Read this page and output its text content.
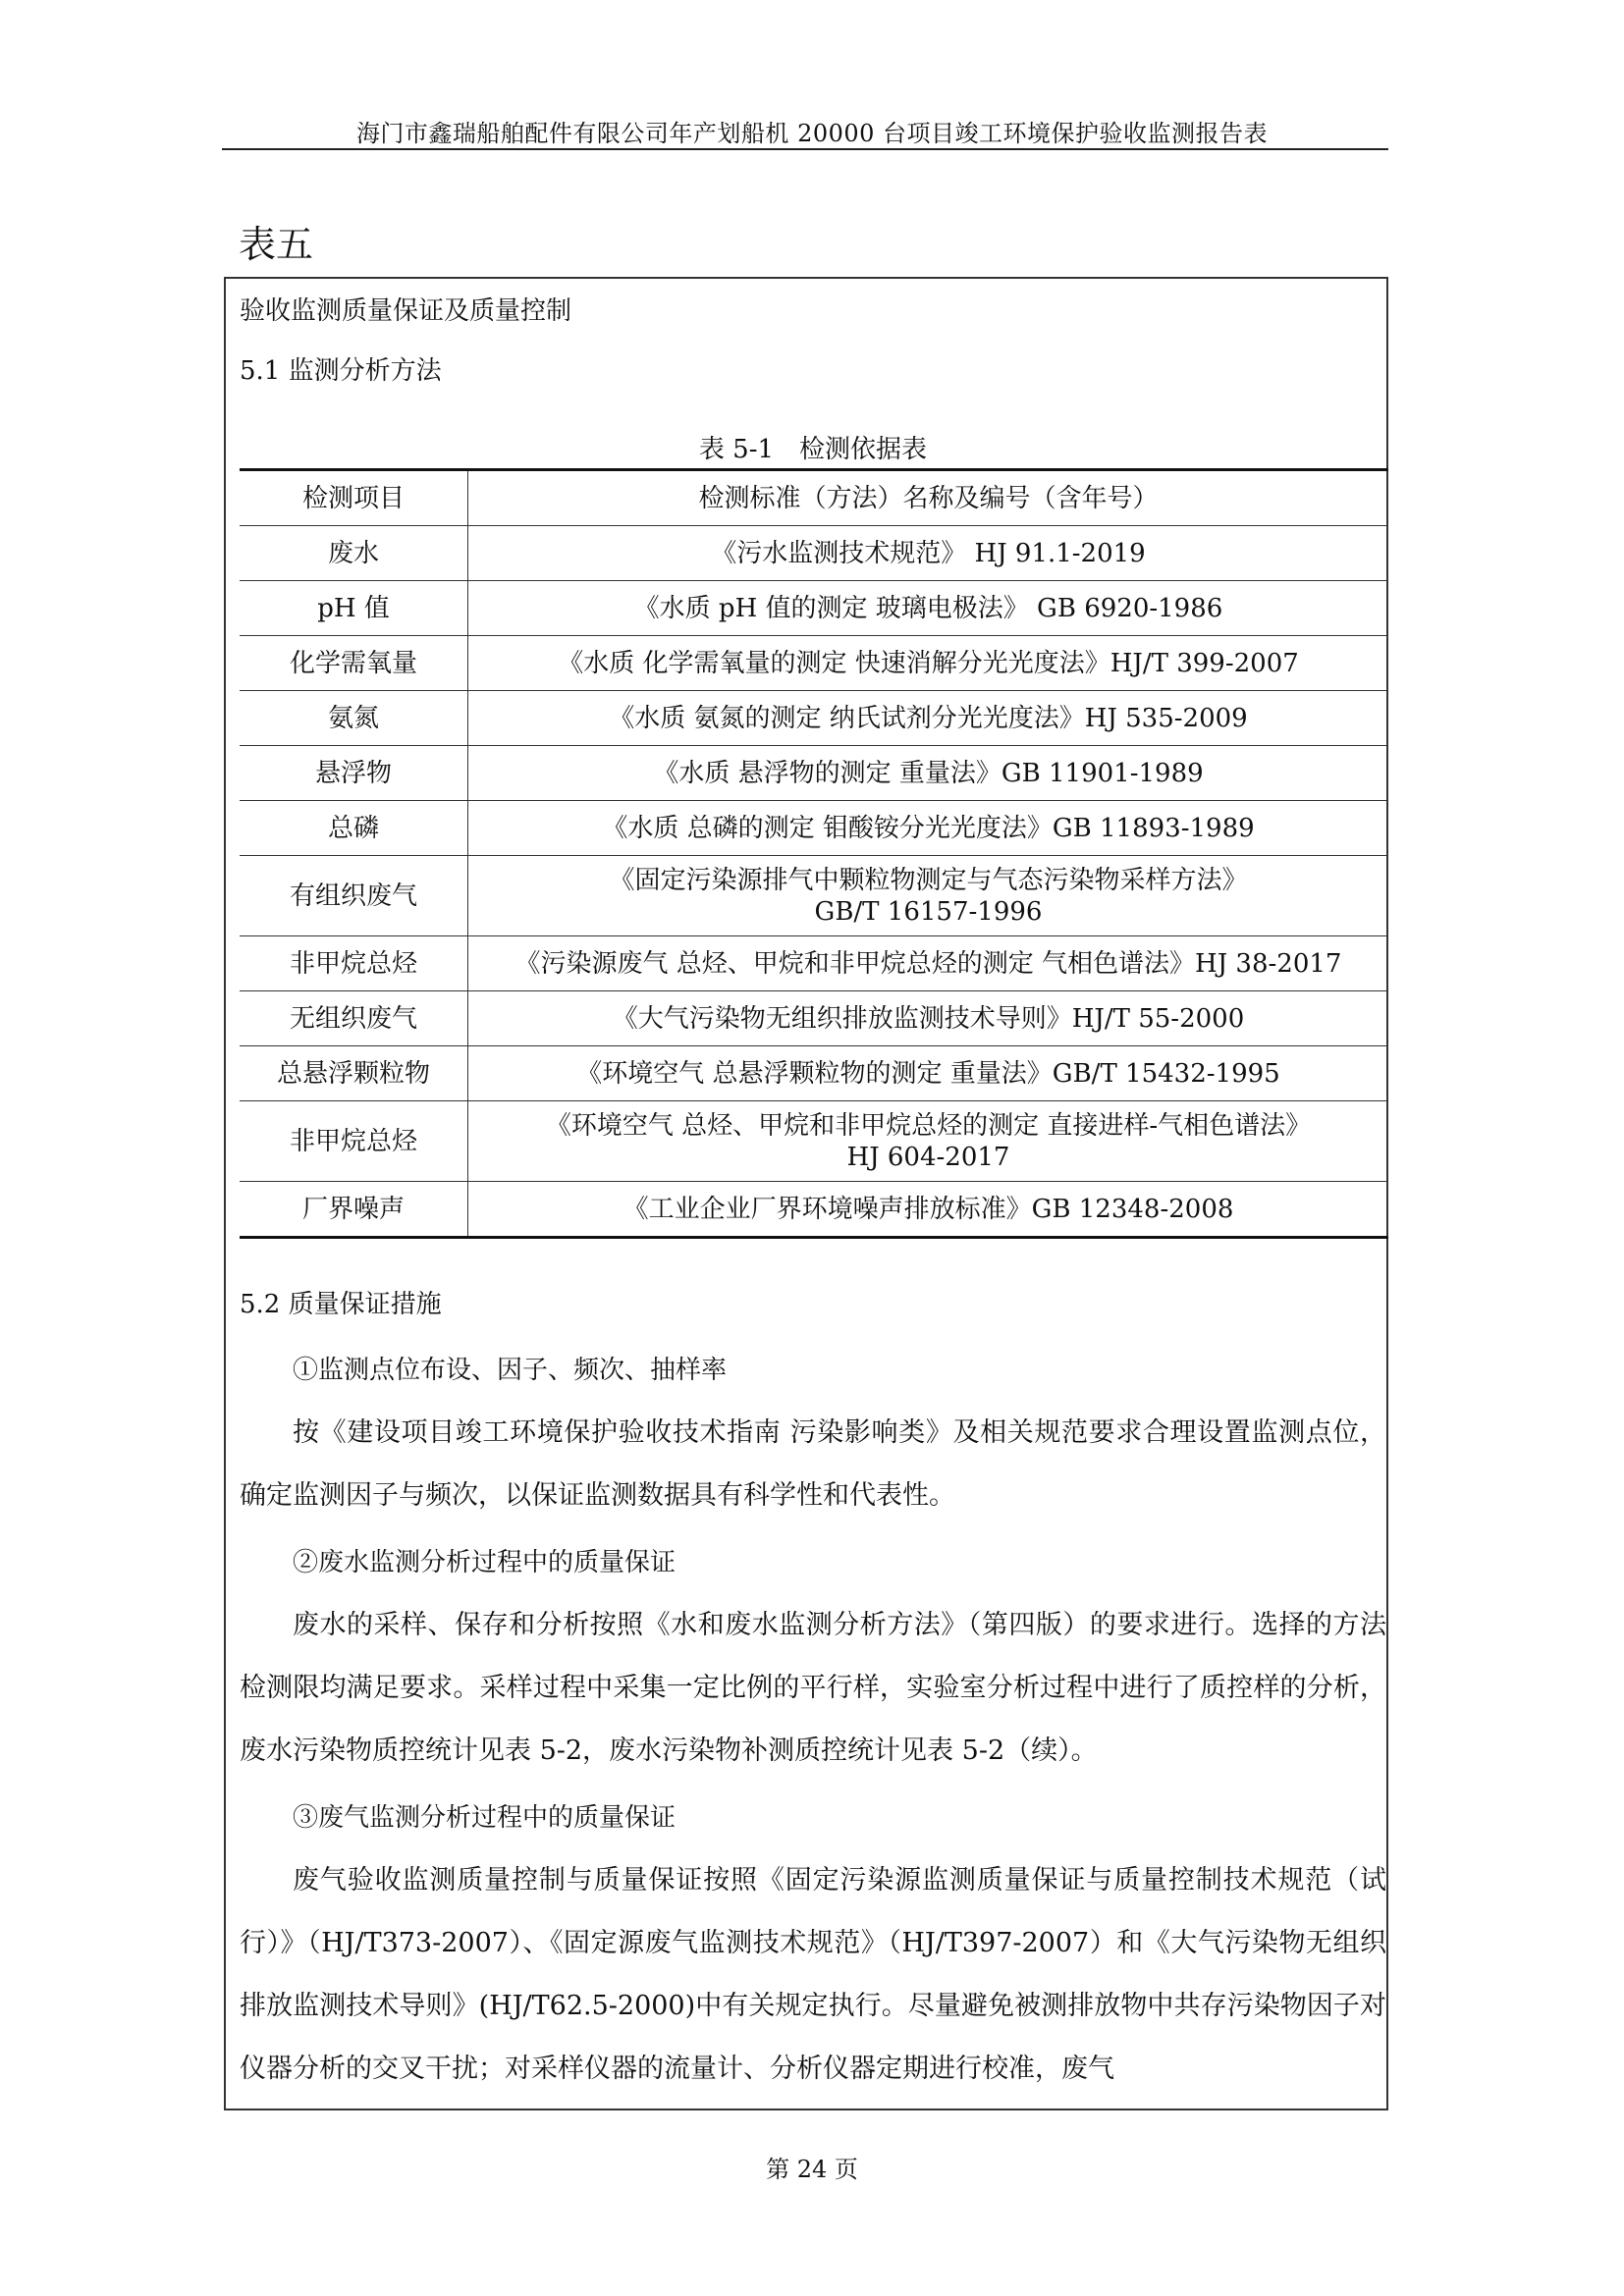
海门市鑫瑞船舶配件有限公司年产划船机 20000 台项目竣工环境保护验收监测报告表
表五
验收监测质量保证及质量控制
5.1 监测分析方法
表 5-1　检测依据表
检测项目	检测标准（方法）名称及编号（含年号）
废水	《污水监测技术规范》 HJ 91.1-2019
pH 值	《水质 pH 值的测定 玻璃电极法》 GB 6920-1986
化学需氧量	《水质 化学需氧量的测定 快速消解分光光度法》HJ/T 399-2007
氨氮	《水质 氨氮的测定 纳氏试剂分光光度法》HJ 535-2009
悬浮物	《水质 悬浮物的测定 重量法》GB 11901-1989
总磷	《水质 总磷的测定 钼酸铵分光光度法》GB 11893-1989
有组织废气	《固定污染源排气中颗粒物测定与气态污染物采样方法》
GB/T 16157-1996

非甲烷总烃	《污染源废气 总烃、甲烷和非甲烷总烃的测定 气相色谱法》HJ 38-2017
无组织废气	《大气污染物无组织排放监测技术导则》HJ/T 55-2000
总悬浮颗粒物	《环境空气 总悬浮颗粒物的测定 重量法》GB/T 15432-1995
非甲烷总烃	《环境空气 总烃、甲烷和非甲烷总烃的测定 直接进样-气相色谱法》
HJ 604-2017

厂界噪声	《工业企业厂界环境噪声排放标准》GB 12348-2008
5.2 质量保证措施
①监测点位布设、因子、频次、抽样率
按《建设项目竣工环境保护验收技术指南 污染影响类》及相关规范要求合理设置监测点位，确定监测因子与频次，以保证监测数据具有科学性和代表性。
②废水监测分析过程中的质量保证
废水的采样、保存和分析按照《水和废水监测分析方法》（第四版）的要求进行。选择的方法检测限均满足要求。采样过程中采集一定比例的平行样，实验室分析过程中进行了质控样的分析，废水污染物质控统计见表 5-2，废水污染物补测质控统计见表 5-2（续）。
③废气监测分析过程中的质量保证
废气验收监测质量控制与质量保证按照《固定污染源监测质量保证与质量控制技术规范（试行）》（HJ/T373-2007）、《固定源废气监测技术规范》（HJ/T397-2007）和《大气污染物无组织排放监测技术导则》(HJ/T62.5-2000)中有关规定执行。尽量避免被测排放物中共存污染物因子对仪器分析的交叉干扰；对采样仪器的流量计、分析仪器定期进行校准，废气
第 24 页
